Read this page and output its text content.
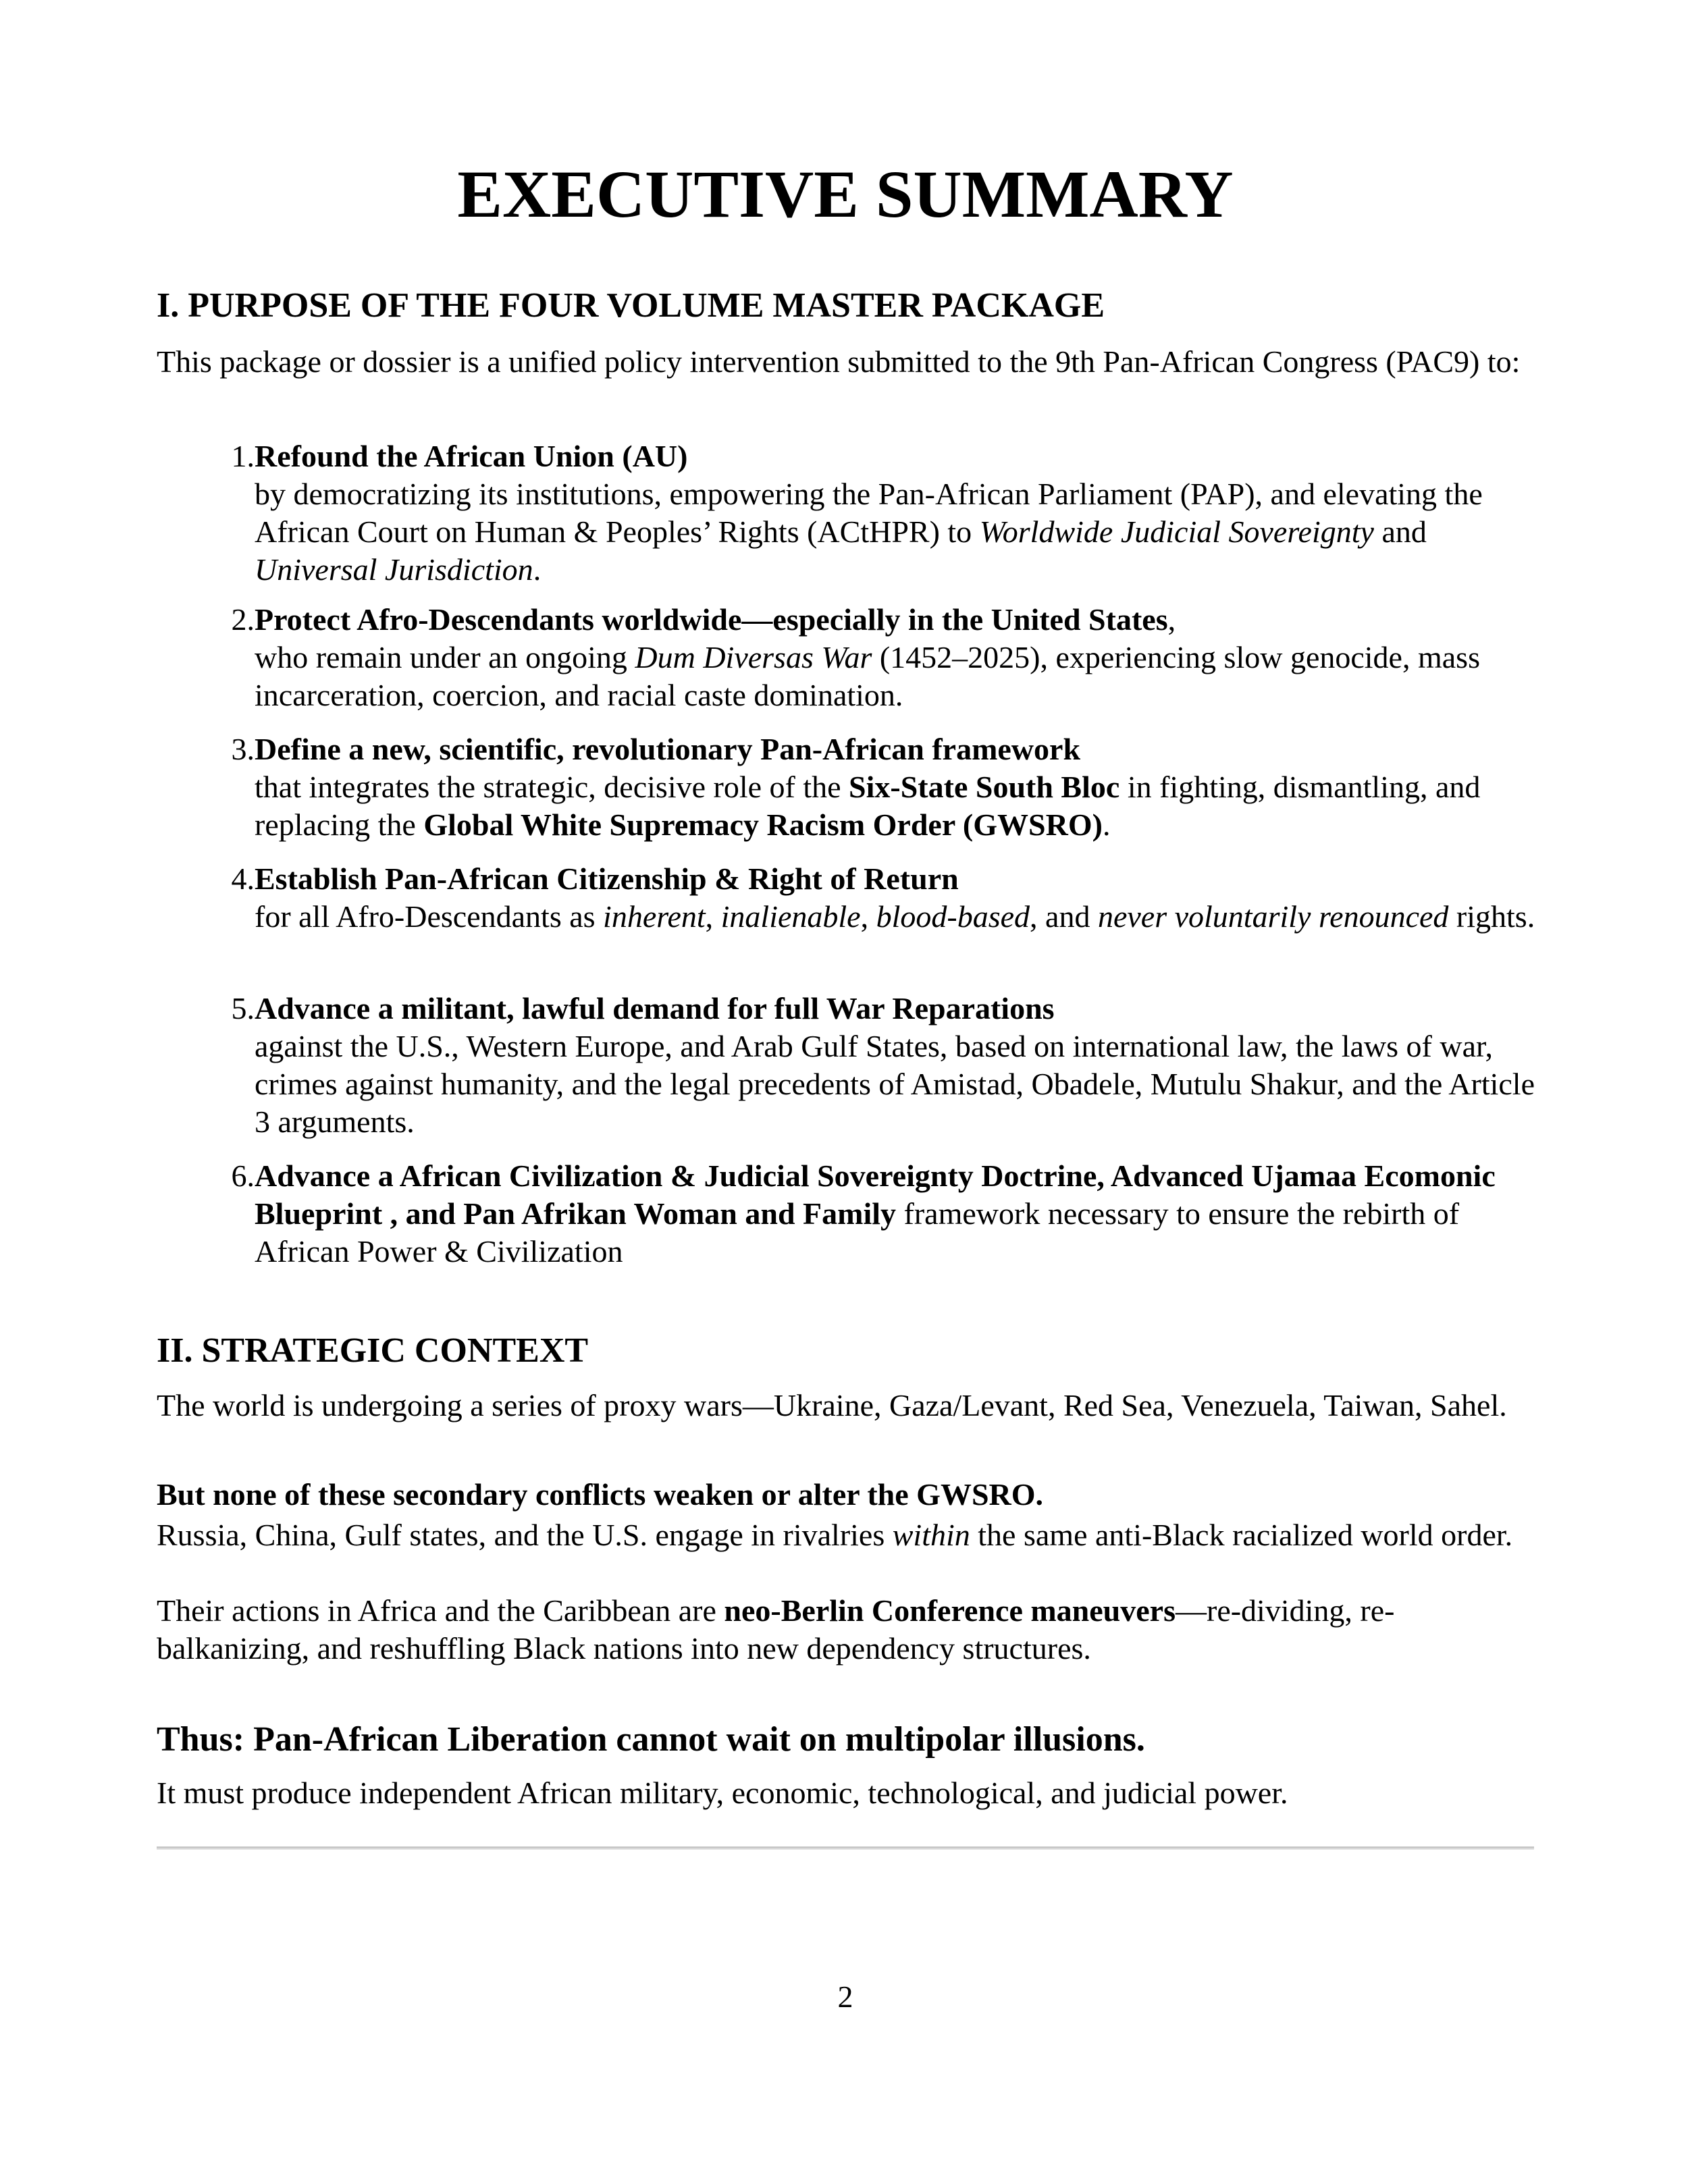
EXECUTIVE SUMMARY
I. PURPOSE OF THE FOUR VOLUME MASTER PACKAGE

This package or dossier is a unified policy intervention submitted to the 9th Pan-African Congress (PAC9) to:

1. Refound the African Union (AU)
by democratizing its institutions, empowering the Pan-African Parliament (PAP), and elevating the African Court on Human & Peoples’ Rights (ACtHPR) to Worldwide Judicial Sovereignty and Universal Jurisdiction.
2. Protect Afro-Descendants worldwide—especially in the United States,
who remain under an ongoing Dum Diversas War (1452–2025), experiencing slow genocide, mass incarceration, coercion, and racial caste domination.
3. Define a new, scientific, revolutionary Pan-African framework
that integrates the strategic, decisive role of the Six-State South Bloc in fighting, dismantling, and replacing the Global White Supremacy Racism Order (GWSRO).
4. Establish Pan-African Citizenship & Right of Return
for all Afro-Descendants as inherent, inalienable, blood-based, and never voluntarily renounced rights.
5. Advance a militant, lawful demand for full War Reparations
against the U.S., Western Europe, and Arab Gulf States, based on international law, the laws of war, crimes against humanity, and the legal precedents of Amistad, Obadele, Mutulu Shakur, and the Article 3 arguments.
6. Advance a African Civilization & Judicial Sovereignty Doctrine, Advanced Ujamaa Ecomonic Blueprint , and Pan Afrikan Woman and Family framework necessary to ensure the rebirth of African Power & Civilization
II. STRATEGIC CONTEXT

The world is undergoing a series of proxy wars—Ukraine, Gaza/Levant, Red Sea, Venezuela, Taiwan, Sahel.

But none of these secondary conflicts weaken or alter the GWSRO.

Russia, China, Gulf states, and the U.S. engage in rivalries within the same anti-Black racialized world order.

Their actions in Africa and the Caribbean are neo-Berlin Conference maneuvers—re-dividing, re-balkanizing, and reshuffling Black nations into new dependency structures.

Thus: Pan-African Liberation cannot wait on multipolar illusions.

It must produce independent African military, economic, technological, and judicial power.

2
